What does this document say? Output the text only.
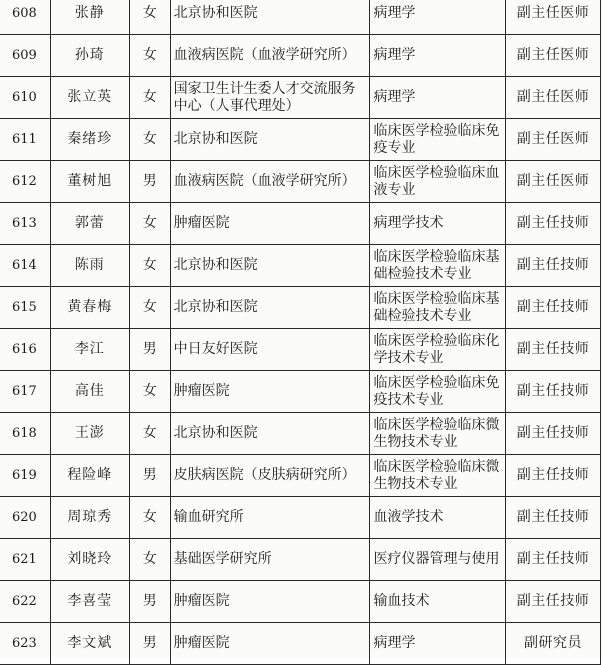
608	张静	女	北京协和医院	病理学	副主任医师
609	孙琦	女	血液病医院（血液学研究所）	病理学	副主任医师
610	张立英	女	国家卫生计生委人才交流服务中心（人事代理处）	病理学	副主任医师
611	秦绪珍	女	北京协和医院	临床医学检验临床免疫专业	副主任医师
612	董树旭	男	血液病医院（血液学研究所）	临床医学检验临床血液专业	副主任医师
613	郭蕾	女	肿瘤医院	病理学技术	副主任技师
614	陈雨	女	北京协和医院	临床医学检验临床基础检验技术专业	副主任技师
615	黄春梅	女	北京协和医院	临床医学检验临床基础检验技术专业	副主任技师
616	李江	男	中日友好医院	临床医学检验临床化学技术专业	副主任技师
617	高佳	女	肿瘤医院	临床医学检验临床免疫技术专业	副主任技师
618	王澎	女	北京协和医院	临床医学检验临床微生物技术专业	副主任技师
619	程险峰	男	皮肤病医院（皮肤病研究所）	临床医学检验临床微生物技术专业	副主任技师
620	周琼秀	女	输血研究所	血液学技术	副主任技师
621	刘晓玲	女	基础医学研究所	医疗仪器管理与使用	副主任技师
622	李喜莹	男	肿瘤医院	输血技术	副主任技师
623	李文斌	男	肿瘤医院	病理学	副研究员
